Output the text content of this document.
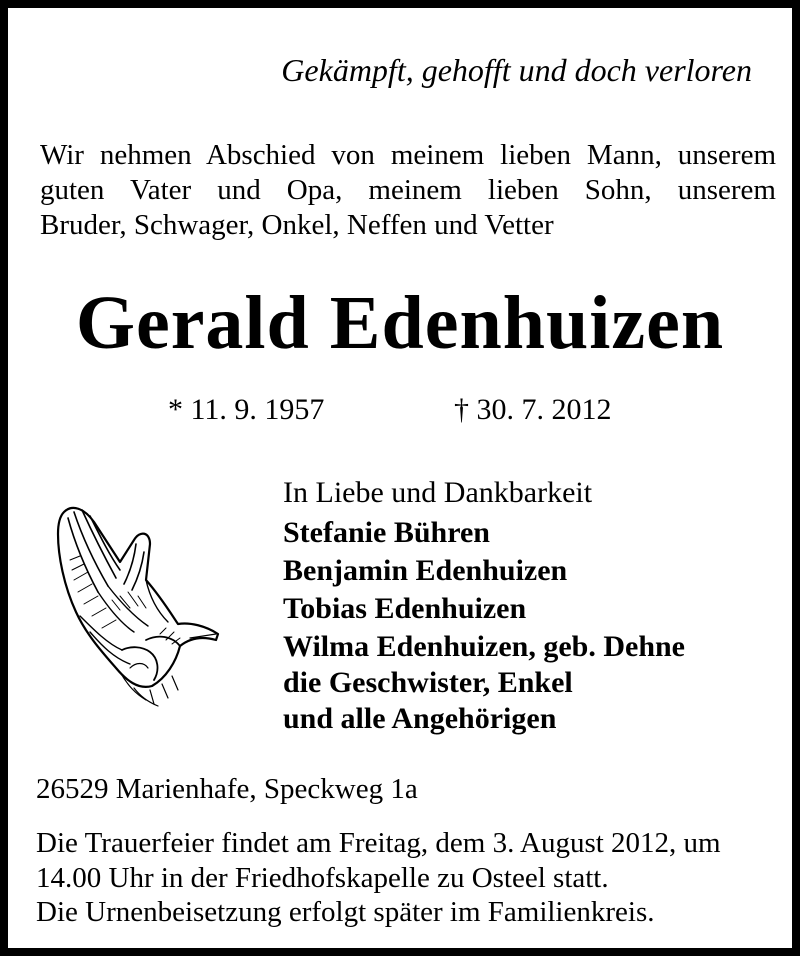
Gekämpft, gehofft und doch verloren
Wir nehmen Abschied von meinem lieben Mann, unserem
guten Vater und Opa, meinem lieben Sohn, unserem
Bruder, Schwager, Onkel, Neffen und Vetter
Gerald Edenhuizen
* 11. 9. 1957	† 30. 7. 2012
In Liebe und Dankbarkeit
Stefanie Bühren
Benjamin Edenhuizen
Tobias Edenhuizen
Wilma Edenhuizen, geb. Dehne
die Geschwister, Enkel
und alle Angehörigen
26529 Marienhafe, Speckweg 1a
Die Trauerfeier findet am Freitag, dem 3. August 2012, um
14.00 Uhr in der Friedhofskapelle zu Osteel statt.
Die Urnenbeisetzung erfolgt später im Familienkreis.
